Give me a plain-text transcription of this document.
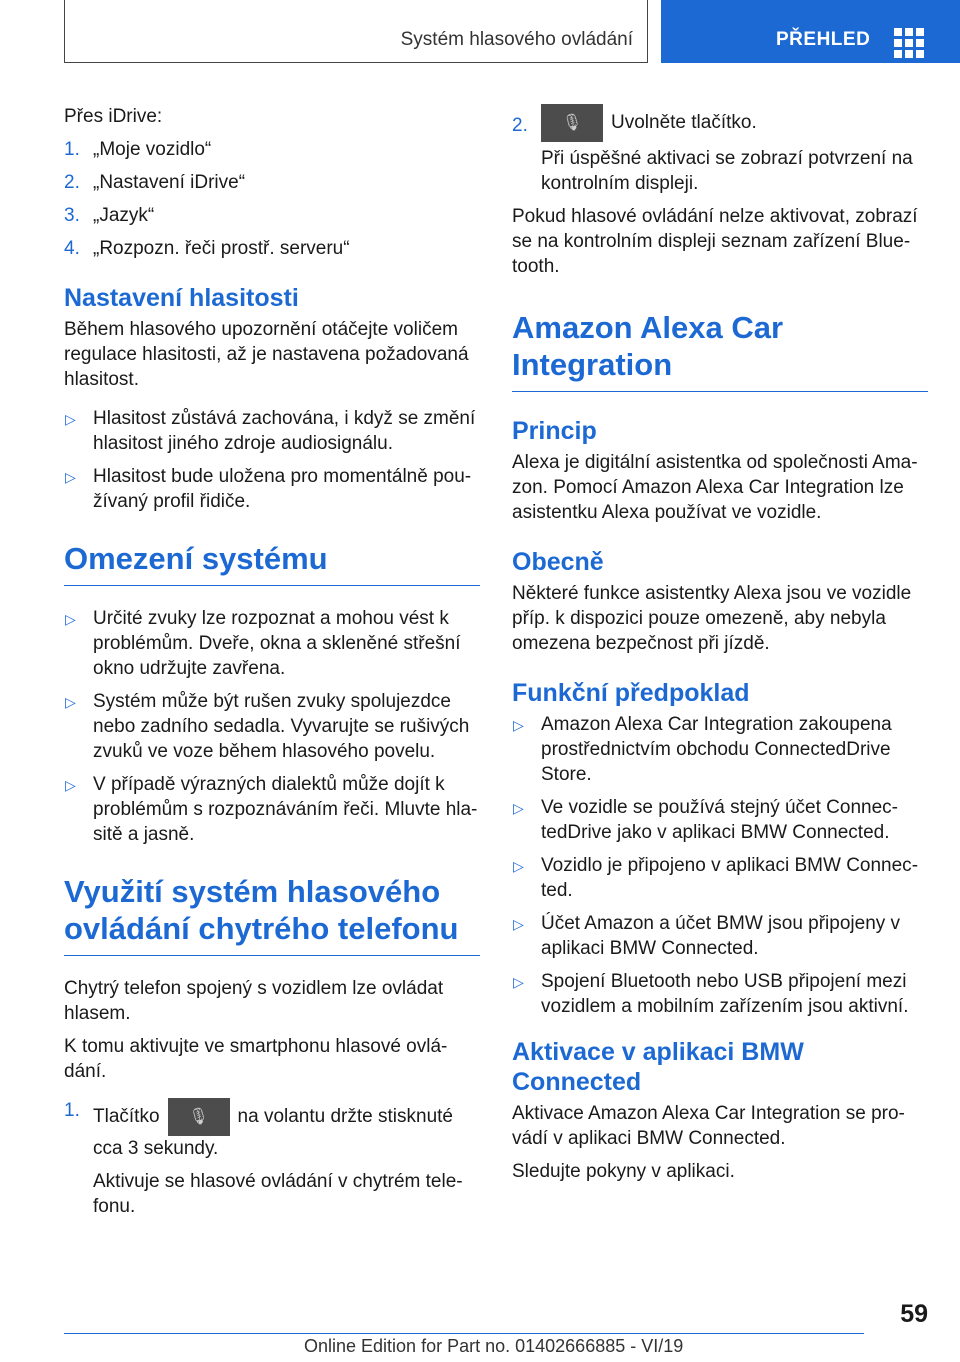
Systém hlasového ovládání	PŘEHLED

Přes iDrive:

1. „Moje vozidlo“
2. „Nastavení iDrive“
3. „Jazyk“
4. „Rozpozn. řeči prostř. serveru“
Nastavení hlasitosti

Během hlasového upozornění otáčejte voličem regulace hlasitosti, až je nastavena požadovaná hlasitost.

▷ Hlasitost zůstává zachována, i když se změní hlasitost jiného zdroje audiosignálu.
▷ Hlasitost bude uložena pro momentálně používaný profil řidiče.
Omezení systému
▷ Určité zvuky lze rozpoznat a mohou vést k problémům. Dveře, okna a skleněné střešní okno udržujte zavřena.
▷ Systém může být rušen zvuky spolujezdce nebo zadního sedadla. Vyvarujte se rušivých zvuků ve voze během hlasového povelu.
▷ V případě výrazných dialektů může dojít k problémům s rozpoznáváním řeči. Mluvte hlasitě a jasně.
Využití systém hlasového ovládání chytrého telefonu

Chytrý telefon spojený s vozidlem lze ovládat hlasem.

K tomu aktivujte ve smartphonu hlasové ovládání.

1. Tlačítko 🎙 na volantu držte stisknuté cca 3 sekundy.
Aktivuje se hlasové ovládání v chytrém telefonu.
2. 🎙 Uvolněte tlačítko.
Při úspěšné aktivaci se zobrazí potvrzení na kontrolním displeji.

Pokud hlasové ovládání nelze aktivovat, zobrazí se na kontrolním displeji seznam zařízení Bluetooth.

Amazon Alexa Car Integration
Princip

Alexa je digitální asistentka od společnosti Amazon. Pomocí Amazon Alexa Car Integration lze asistentku Alexa používat ve vozidle.

Obecně

Některé funkce asistentky Alexa jsou ve vozidle příp. k dispozici pouze omezeně, aby nebyla omezena bezpečnost při jízdě.

Funkční předpoklad
▷ Amazon Alexa Car Integration zakoupena prostřednictvím obchodu ConnectedDrive Store.
▷ Ve vozidle se používá stejný účet ConnectedDrive jako v aplikaci BMW Connected.
▷ Vozidlo je připojeno v aplikaci BMW Connected.
▷ Účet Amazon a účet BMW jsou připojeny v aplikaci BMW Connected.
▷ Spojení Bluetooth nebo USB připojení mezi vozidlem a mobilním zařízením jsou aktivní.
Aktivace v aplikaci BMW Connected

Aktivace Amazon Alexa Car Integration se provádí v aplikaci BMW Connected.

Sledujte pokyny v aplikaci.

59
Online Edition for Part no. 01402666885 - VI/19
